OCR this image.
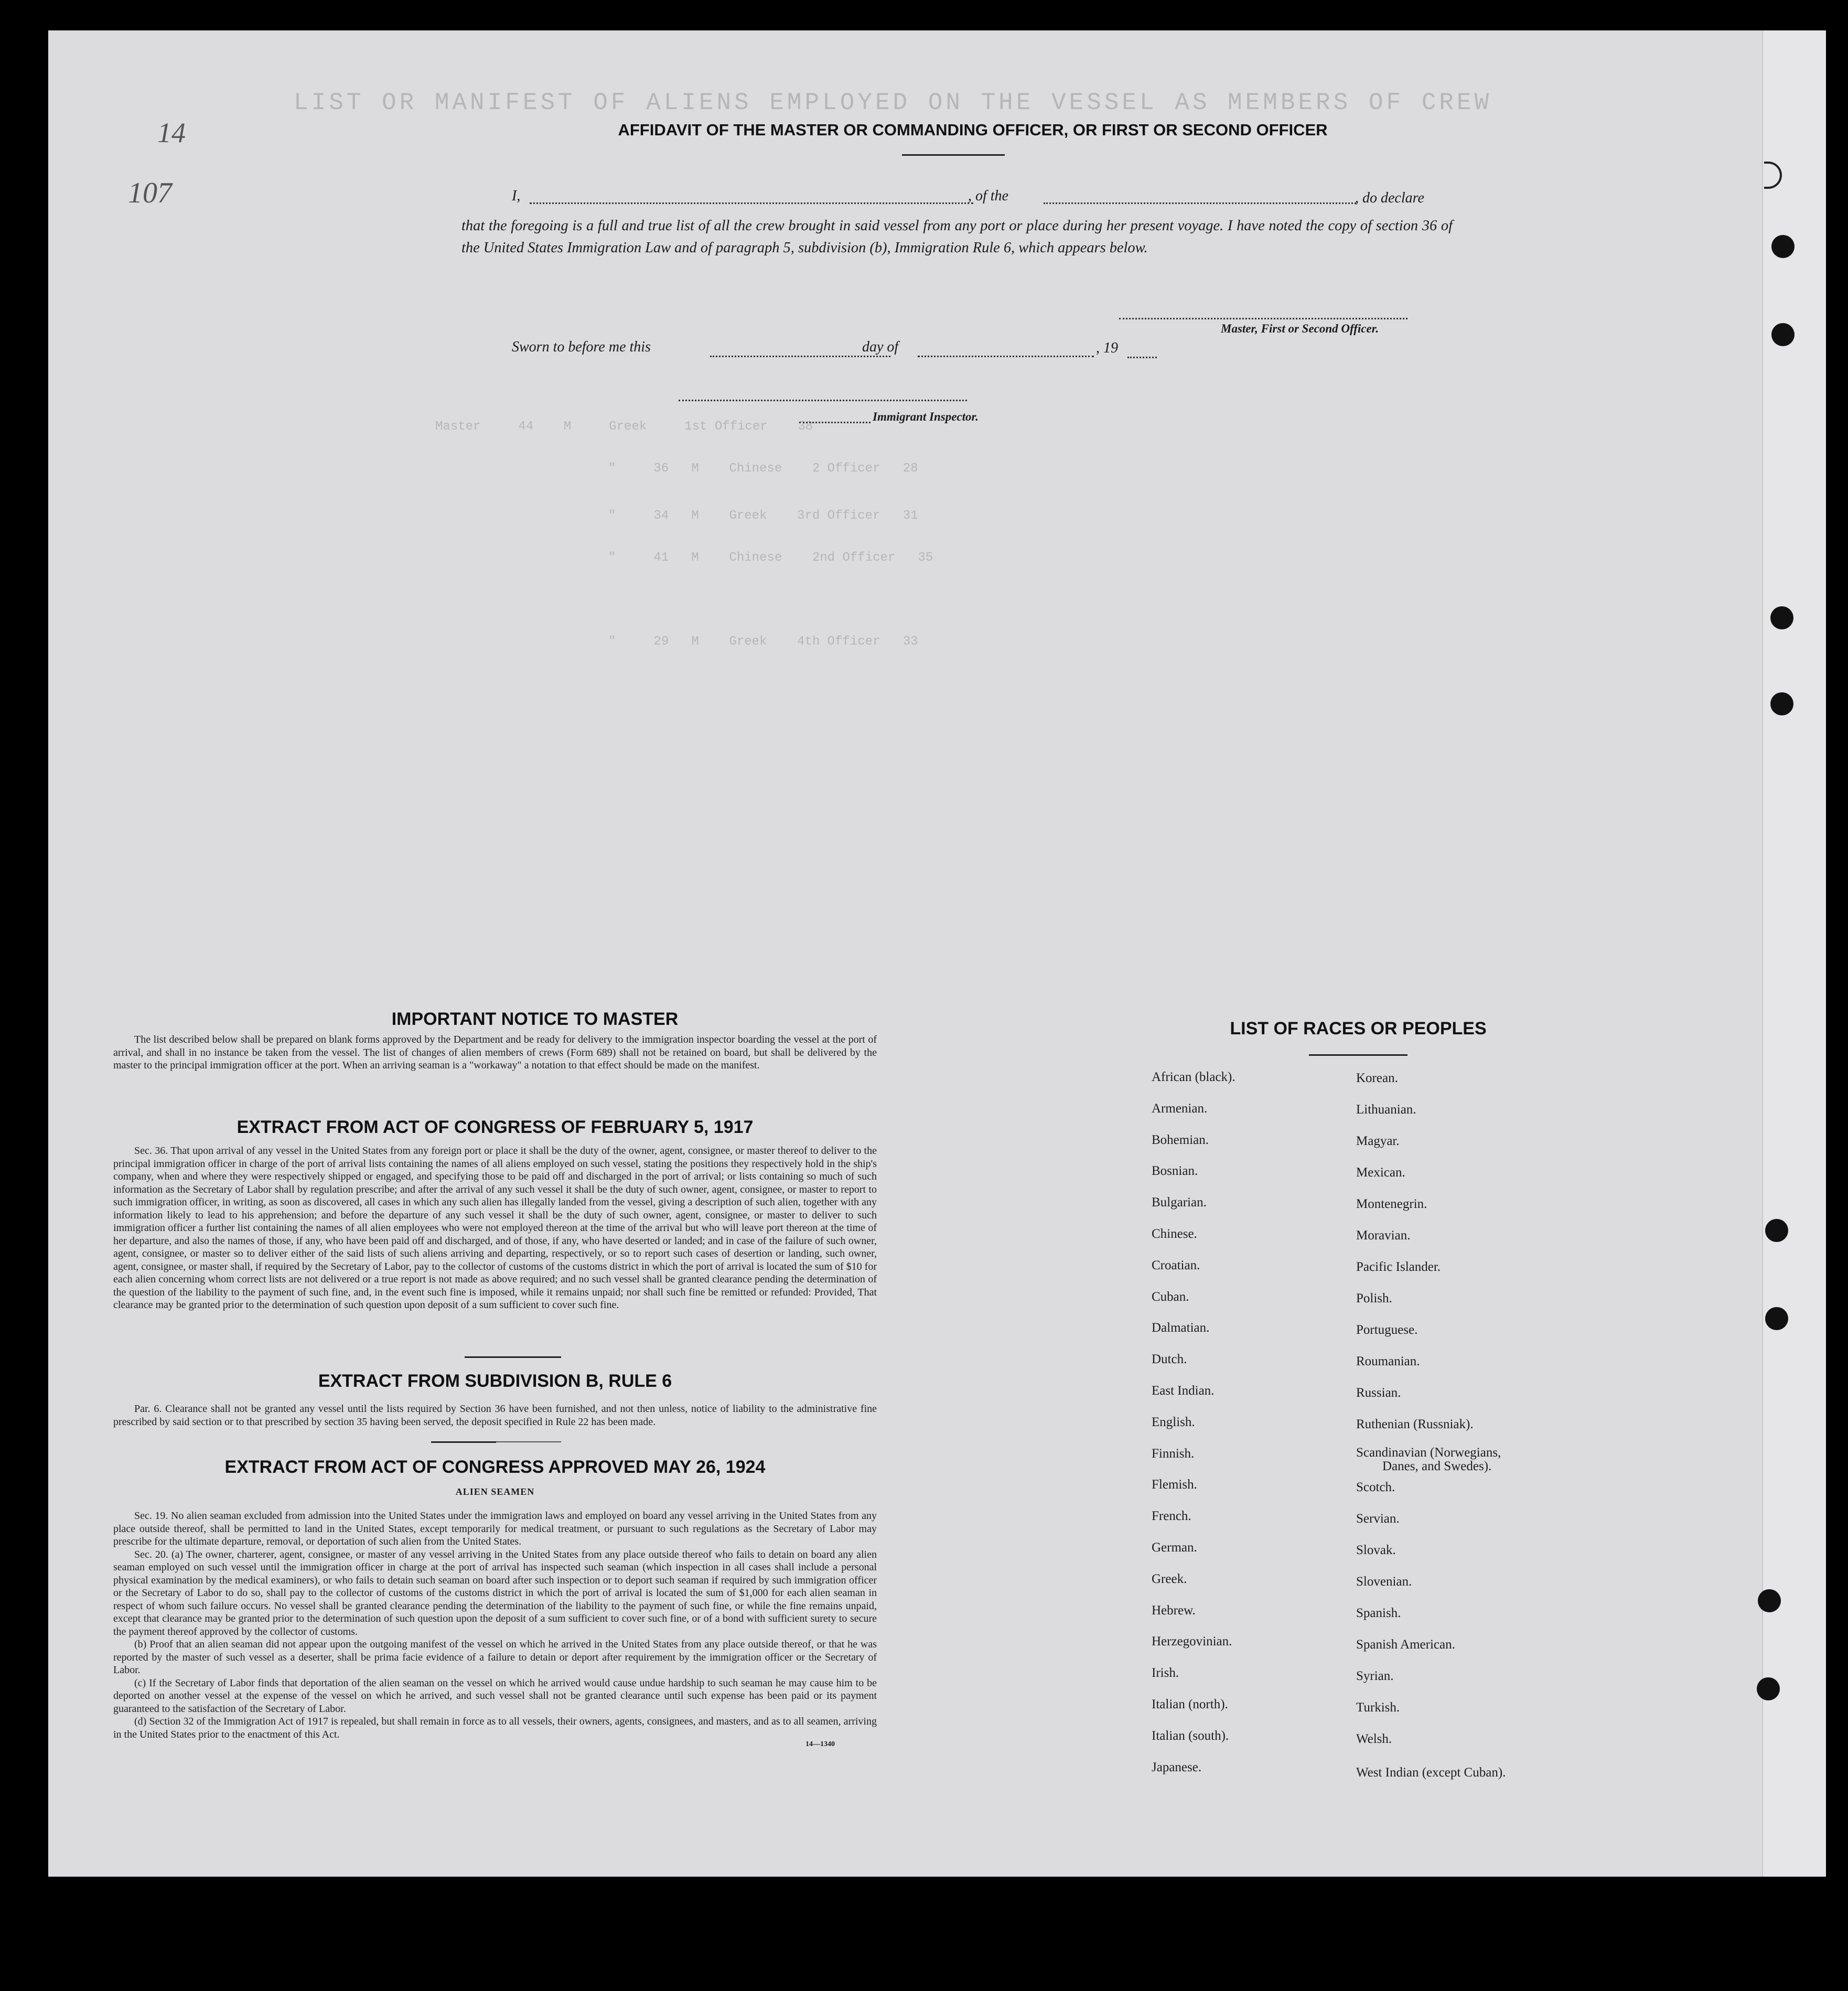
LIST OR MANIFEST OF ALIENS EMPLOYED ON THE VESSEL AS MEMBERS OF CREW
Master     44    M     Greek     1st Officer    38
"     36   M    Chinese    2 Officer   28
"     34   M    Greek    3rd Officer   31
"     41   M    Chinese    2nd Officer   35
"     29   M    Greek    4th Officer   33
14
107
AFFIDAVIT OF THE MASTER OR COMMANDING OFFICER, OR FIRST OR SECOND OFFICER
I,	, of the	, do declare
that the foregoing is a full and true list of all the crew brought in said vessel from any port or place during her present voyage. I have noted the copy of section 36 of the United States Immigration Law and of paragraph 5, subdivision (b), Immigration Rule 6, which appears below.
Master, First or Second Officer.
Sworn to before me this	day of	, 19
Immigrant Inspector.
IMPORTANT NOTICE TO MASTER

The list described below shall be prepared on blank forms approved by the Department and be ready for delivery to the immigration inspector boarding the vessel at the port of arrival, and shall in no instance be taken from the vessel. The list of changes of alien members of crews (Form 689) shall not be retained on board, but shall be delivered by the master to the principal immigration officer at the port. When an arriving seaman is a "workaway" a notation to that effect should be made on the manifest.

EXTRACT FROM ACT OF CONGRESS OF FEBRUARY 5, 1917

Sec. 36. That upon arrival of any vessel in the United States from any foreign port or place it shall be the duty of the owner, agent, consignee, or master thereof to deliver to the principal immigration officer in charge of the port of arrival lists containing the names of all aliens employed on such vessel, stating the positions they respectively hold in the ship's company, when and where they were respectively shipped or engaged, and specifying those to be paid off and discharged in the port of arrival; or lists containing so much of such information as the Secretary of Labor shall by regulation prescribe; and after the arrival of any such vessel it shall be the duty of such owner, agent, consignee, or master to report to such immigration officer, in writing, as soon as discovered, all cases in which any such alien has illegally landed from the vessel, giving a description of such alien, together with any information likely to lead to his apprehension; and before the departure of any such vessel it shall be the duty of such owner, agent, consignee, or master to deliver to such immigration officer a further list containing the names of all alien employees who were not employed thereon at the time of the arrival but who will leave port thereon at the time of her departure, and also the names of those, if any, who have been paid off and discharged, and of those, if any, who have deserted or landed; and in case of the failure of such owner, agent, consignee, or master so to deliver either of the said lists of such aliens arriving and departing, respectively, or so to report such cases of desertion or landing, such owner, agent, consignee, or master shall, if required by the Secretary of Labor, pay to the collector of customs of the customs district in which the port of arrival is located the sum of $10 for each alien concerning whom correct lists are not delivered or a true report is not made as above required; and no such vessel shall be granted clearance pending the determination of the question of the liability to the payment of such fine, and, in the event such fine is imposed, while it remains unpaid; nor shall such fine be remitted or refunded: Provided, That clearance may be granted prior to the determination of such question upon deposit of a sum sufficient to cover such fine.

EXTRACT FROM SUBDIVISION B, RULE 6

Par. 6. Clearance shall not be granted any vessel until the lists required by Section 36 have been furnished, and not then unless, notice of liability to the administrative fine prescribed by said section or to that prescribed by section 35 having been served, the deposit specified in Rule 22 has been made.

EXTRACT FROM ACT OF CONGRESS APPROVED MAY 26, 1924
ALIEN SEAMEN

Sec. 19. No alien seaman excluded from admission into the United States under the immigration laws and employed on board any vessel arriving in the United States from any place outside thereof, shall be permitted to land in the United States, except temporarily for medical treatment, or pursuant to such regulations as the Secretary of Labor may prescribe for the ultimate departure, removal, or deportation of such alien from the United States.

Sec. 20. (a) The owner, charterer, agent, consignee, or master of any vessel arriving in the United States from any place outside thereof who fails to detain on board any alien seaman employed on such vessel until the immigration officer in charge at the port of arrival has inspected such seaman (which inspection in all cases shall include a personal physical examination by the medical examiners), or who fails to detain such seaman on board after such inspection or to deport such seaman if required by such immigration officer or the Secretary of Labor to do so, shall pay to the collector of customs of the customs district in which the port of arrival is located the sum of $1,000 for each alien seaman in respect of whom such failure occurs. No vessel shall be granted clearance pending the determination of the liability to the payment of such fine, or while the fine remains unpaid, except that clearance may be granted prior to the determination of such question upon the deposit of a sum sufficient to cover such fine, or of a bond with sufficient surety to secure the payment thereof approved by the collector of customs.

(b) Proof that an alien seaman did not appear upon the outgoing manifest of the vessel on which he arrived in the United States from any place outside thereof, or that he was reported by the master of such vessel as a deserter, shall be prima facie evidence of a failure to detain or deport after requirement by the immigration officer or the Secretary of Labor.

(c) If the Secretary of Labor finds that deportation of the alien seaman on the vessel on which he arrived would cause undue hardship to such seaman he may cause him to be deported on another vessel at the expense of the vessel on which he arrived, and such vessel shall not be granted clearance until such expense has been paid or its payment guaranteed to the satisfaction of the Secretary of Labor.

(d) Section 32 of the Immigration Act of 1917 is repealed, but shall remain in force as to all vessels, their owners, agents, consignees, and masters, and as to all seamen, arriving in the United States prior to the enactment of this Act.

14—1340
LIST OF RACES OR PEOPLES
African (black).
Armenian.
Bohemian.
Bosnian.
Bulgarian.
Chinese.
Croatian.
Cuban.
Dalmatian.
Dutch.
East Indian.
English.
Finnish.
Flemish.
French.
German.
Greek.
Hebrew.
Herzegovinian.
Irish.
Italian (north).
Italian (south).
Japanese.
Korean.
Lithuanian.
Magyar.
Mexican.
Montenegrin.
Moravian.
Pacific Islander.
Polish.
Portuguese.
Roumanian.
Russian.
Ruthenian (Russniak).
Scandinavian (Norwegians,
Scotch.
Servian.
Slovak.
Slovenian.
Spanish.
Spanish American.
Syrian.
Turkish.
Welsh.
West Indian (except Cuban).
Danes, and Swedes).
